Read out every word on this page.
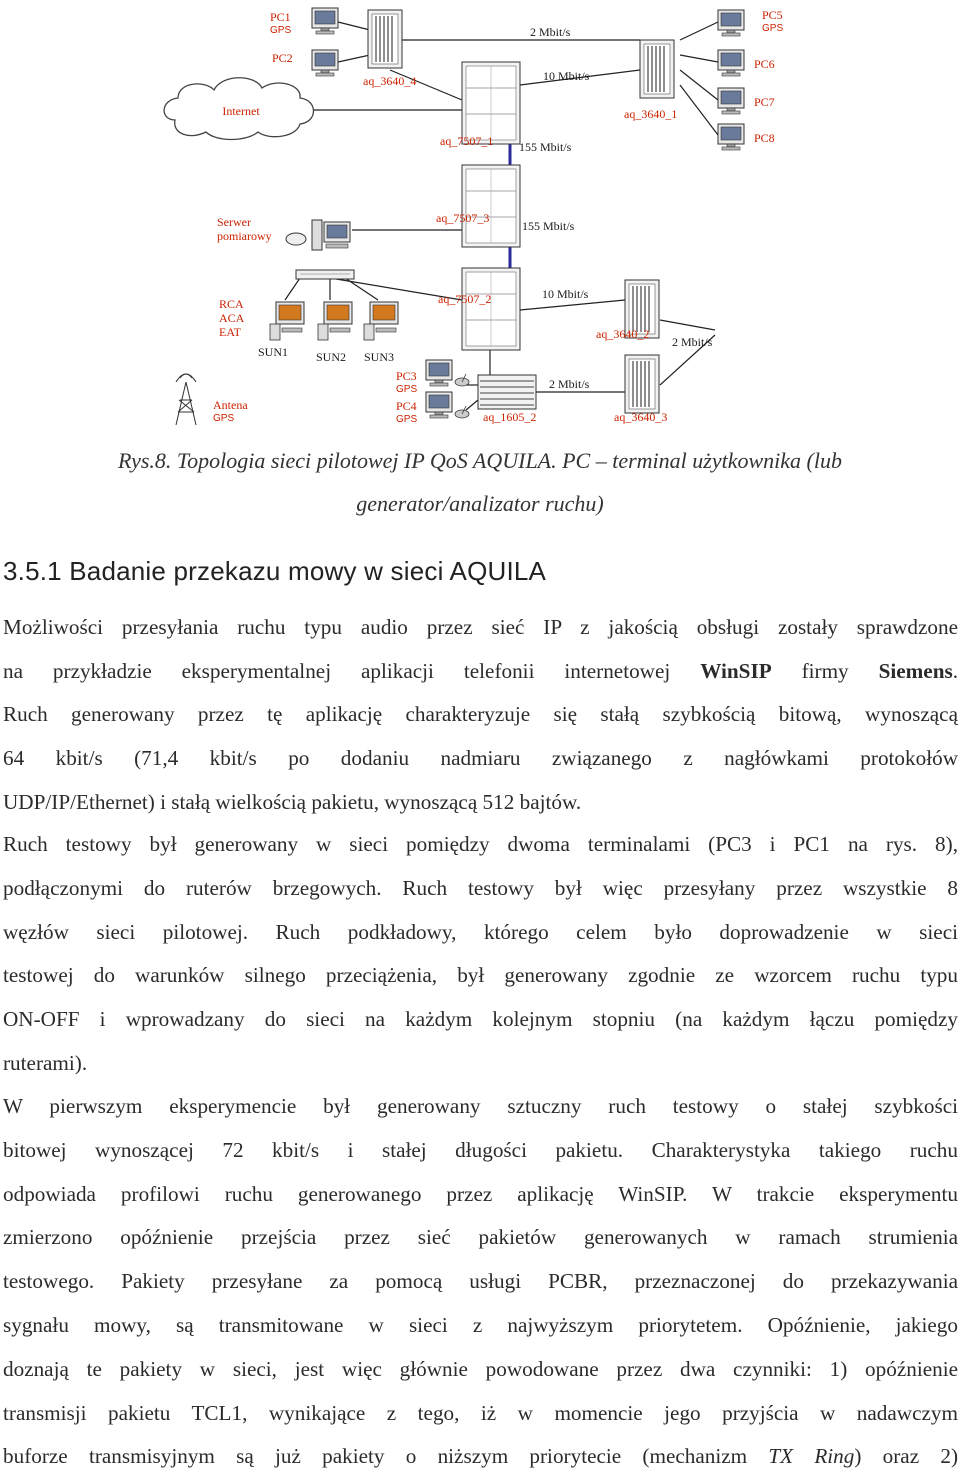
Internet
PC1
GPS
PC2
aq_3640_4
aq_7507_1
aq_3640_1
2 Mbit/s
10 Mbit/s
155 Mbit/s
PC5
GPS
PC6
PC7
PC8
aq_7507_3
155 Mbit/s
Serwer
pomiarowy
aq_7507_2	10 Mbit/s
RCA
ACA
EAT
SUN1 SUN2 SUN3
aq_3640_2
2 Mbit/s
aq_3640_3
aq_1605_2
2 Mbit/s
PC3
GPS
PC4
GPS
Antena
GPS
Rys.8. Topologia sieci pilotowej IP QoS AQUILA. PC – terminal użytkownika (lub
generator/analizator ruchu)
3.5.1 Badanie przekazu mowy w sieci AQUILA
Możliwości przesyłania ruchu typu audio przez sieć IP z jakością obsługi zostały sprawdzone
na przykładzie eksperymentalnej aplikacji telefonii internetowej WinSIP firmy Siemens.
Ruch generowany przez tę aplikację charakteryzuje się stałą szybkością bitową, wynoszącą
64 kbit/s (71,4 kbit/s po dodaniu nadmiaru związanego z nagłówkami protokołów
UDP/IP/Ethernet) i stałą wielkością pakietu, wynoszącą 512 bajtów.
Ruch testowy był generowany w sieci pomiędzy dwoma terminalami (PC3 i PC1 na rys. 8),
podłączonymi do ruterów brzegowych. Ruch testowy był więc przesyłany przez wszystkie 8
węzłów sieci pilotowej. Ruch podkładowy, którego celem było doprowadzenie w sieci
testowej do warunków silnego przeciążenia, był generowany zgodnie ze wzorcem ruchu typu
ON-OFF i wprowadzany do sieci na każdym kolejnym stopniu (na każdym łączu pomiędzy
ruterami).
W pierwszym eksperymencie był generowany sztuczny ruch testowy o stałej szybkości
bitowej wynoszącej 72 kbit/s i stałej długości pakietu. Charakterystyka takiego ruchu
odpowiada profilowi ruchu generowanego przez aplikację WinSIP. W trakcie eksperymentu
zmierzono opóźnienie przejścia przez sieć pakietów generowanych w ramach strumienia
testowego. Pakiety przesyłane za pomocą usługi PCBR, przeznaczonej do przekazywania
sygnału mowy, są transmitowane w sieci z najwyższym priorytetem. Opóźnienie, jakiego
doznają te pakiety w sieci, jest więc głównie powodowane przez dwa czynniki: 1) opóźnienie
transmisji pakietu TCL1, wynikające z tego, iż w momencie jego przyjścia w nadawczym
buforze transmisyjnym są już pakiety o niższym priorytecie (mechanizm TX Ring) oraz 2)
